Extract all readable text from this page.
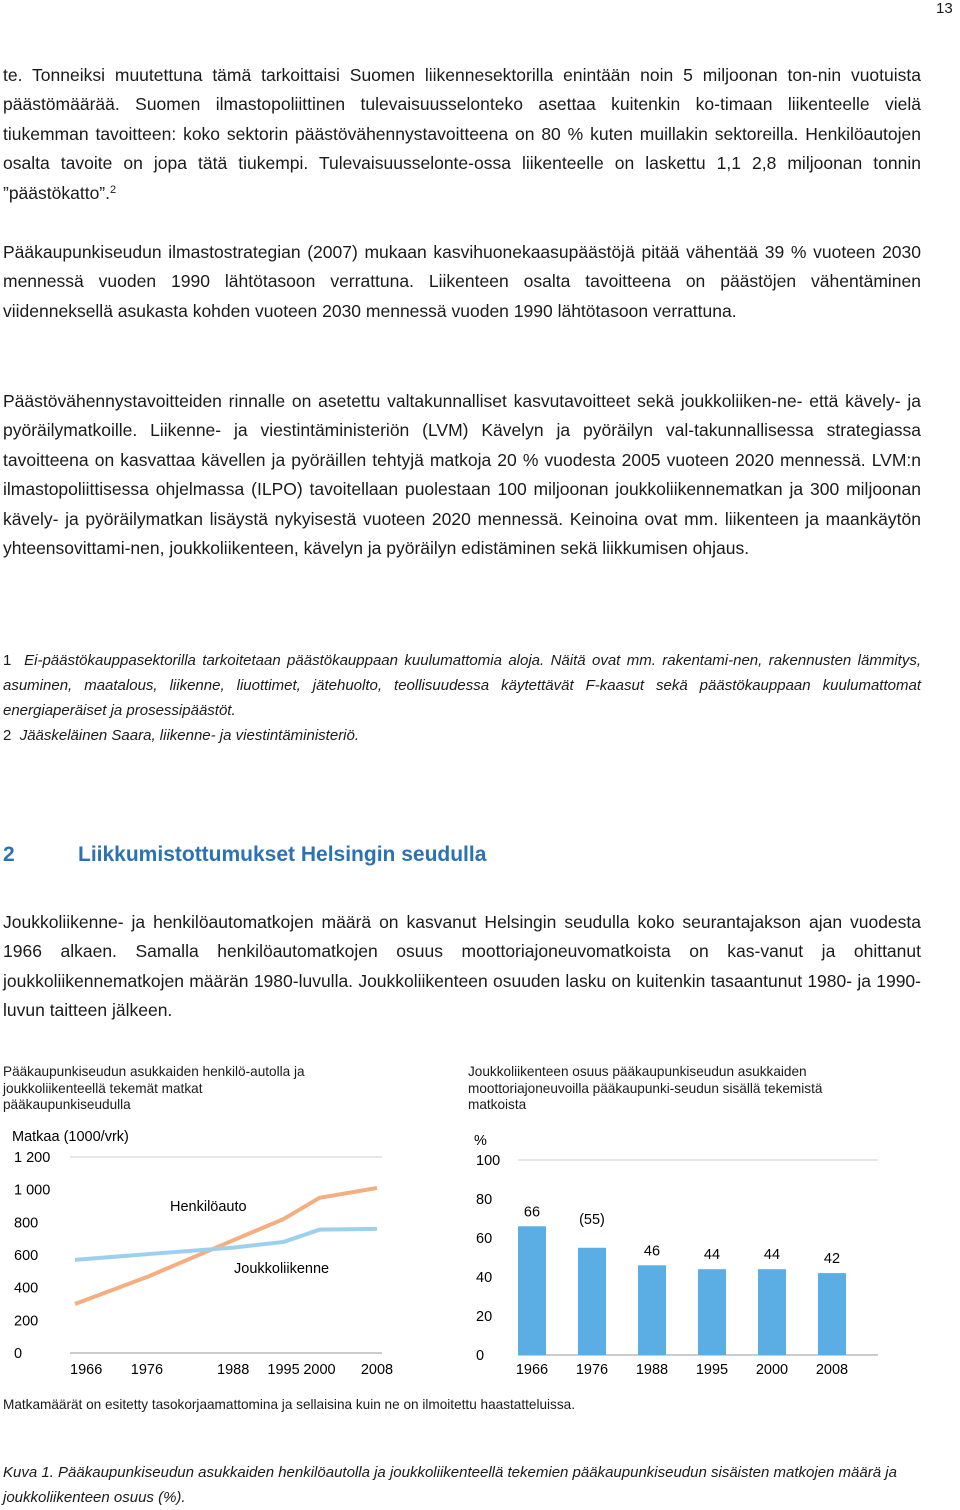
13

te. Tonneiksi muutettuna tämä tarkoittaisi Suomen liikennesektorilla enintään noin 5 miljoonan ton-nin vuotuista päästömäärää. Suomen ilmastopoliittinen tulevaisuusselonteko asettaa kuitenkin ko-timaan liikenteelle vielä tiukemman tavoitteen: koko sektorin päästövähennystavoitteena on 80 % kuten muillakin sektoreilla. Henkilöautojen osalta tavoite on jopa tätä tiukempi. Tulevaisuusselonte-ossa liikenteelle on laskettu 1,1 2,8 miljoonan tonnin ”päästökatto”.$^2$

Pääkaupunkiseudun ilmastostrategian (2007) mukaan kasvihuonekaasupäästöjä pitää vähentää 39 % vuoteen 2030 mennessä vuoden 1990 lähtötasoon verrattuna. Liikenteen osalta tavoitteena on päästöjen vähentäminen viidenneksellä asukasta kohden vuoteen 2030 mennessä vuoden 1990 lähtötasoon verrattuna.

Päästövähennystavoitteiden rinnalle on asetettu valtakunnalliset kasvutavoitteet sekä joukkoliiken-ne- että kävely- ja pyöräilymatkoille. Liikenne- ja viestintäministeriön (LVM) Kävelyn ja pyöräilyn val-takunnallisessa strategiassa tavoitteena on kasvattaa kävellen ja pyöräillen tehtyjä matkoja 20 % vuodesta 2005 vuoteen 2020 mennessä. LVM:n ilmastopoliittisessa ohjelmassa (ILPO) tavoitellaan puolestaan 100 miljoonan joukkoliikennematkan ja 300 miljoonan kävely- ja pyöräilymatkan lisäystä nykyisestä vuoteen 2020 mennessä. Keinoina ovat mm. liikenteen ja maankäytön yhteensovittami-nen, joukkoliikenteen, kävelyn ja pyöräilyn edistäminen sekä liikkumisen ohjaus.

1 Ei-päästökauppasektorilla tarkoitetaan päästökauppaan kuulumattomia aloja. Näitä ovat mm. rakentami-nen, rakennusten lämmitys, asuminen, maatalous, liikenne, liuottimet, jätehuolto, teollisuudessa käytettävät F-kaasut sekä päästökauppaan kuulumattomat energiaperäiset ja prosessipäästöt.
2 Jääskeläinen Saara, liikenne- ja viestintäministeriö.
2	Liikkumistottumukset Helsingin seudulla

Joukkoliikenne- ja henkilöautomatkojen määrä on kasvanut Helsingin seudulla koko seurantajakson ajan vuodesta 1966 alkaen. Samalla henkilöautomatkojen osuus moottoriajoneuvomatkoista on kas-vanut ja ohittanut joukkoliikennematkojen määrän 1980-luvulla. Joukkoliikenteen osuuden lasku on kuitenkin tasaantunut 1980- ja 1990-luvun taitteen jälkeen.

Pääkaupunkiseudun asukkaiden henkilö-autolla ja joukkoliikenteellä tekemät matkat pääkaupunkiseudulla

Joukkoliikenteen osuus pääkaupunkiseudun asukkaiden moottoriajoneuvoilla pääkaupunki-seudun sisällä tekemistä matkoista

Matkaa (1000/vrk)
0
200
400
600
800
1 000
1 200
1966 1976	1988 1995 2000 2008
Henkilöauto
Joukkoliikenne
%
0
20
40
60
80
100
66	(55)
46	44	44	42
1966 1976 1988 1995 2000 2008

Matkamäärät on esitetty tasokorjaamattomina ja sellaisina kuin ne on ilmoitettu haastatteluissa.

Kuva 1. Pääkaupunkiseudun asukkaiden henkilöautolla ja joukkoliikenteellä tekemien pääkaupunkiseudun sisäisten matkojen määrä ja joukkoliikenteen osuus (%).
